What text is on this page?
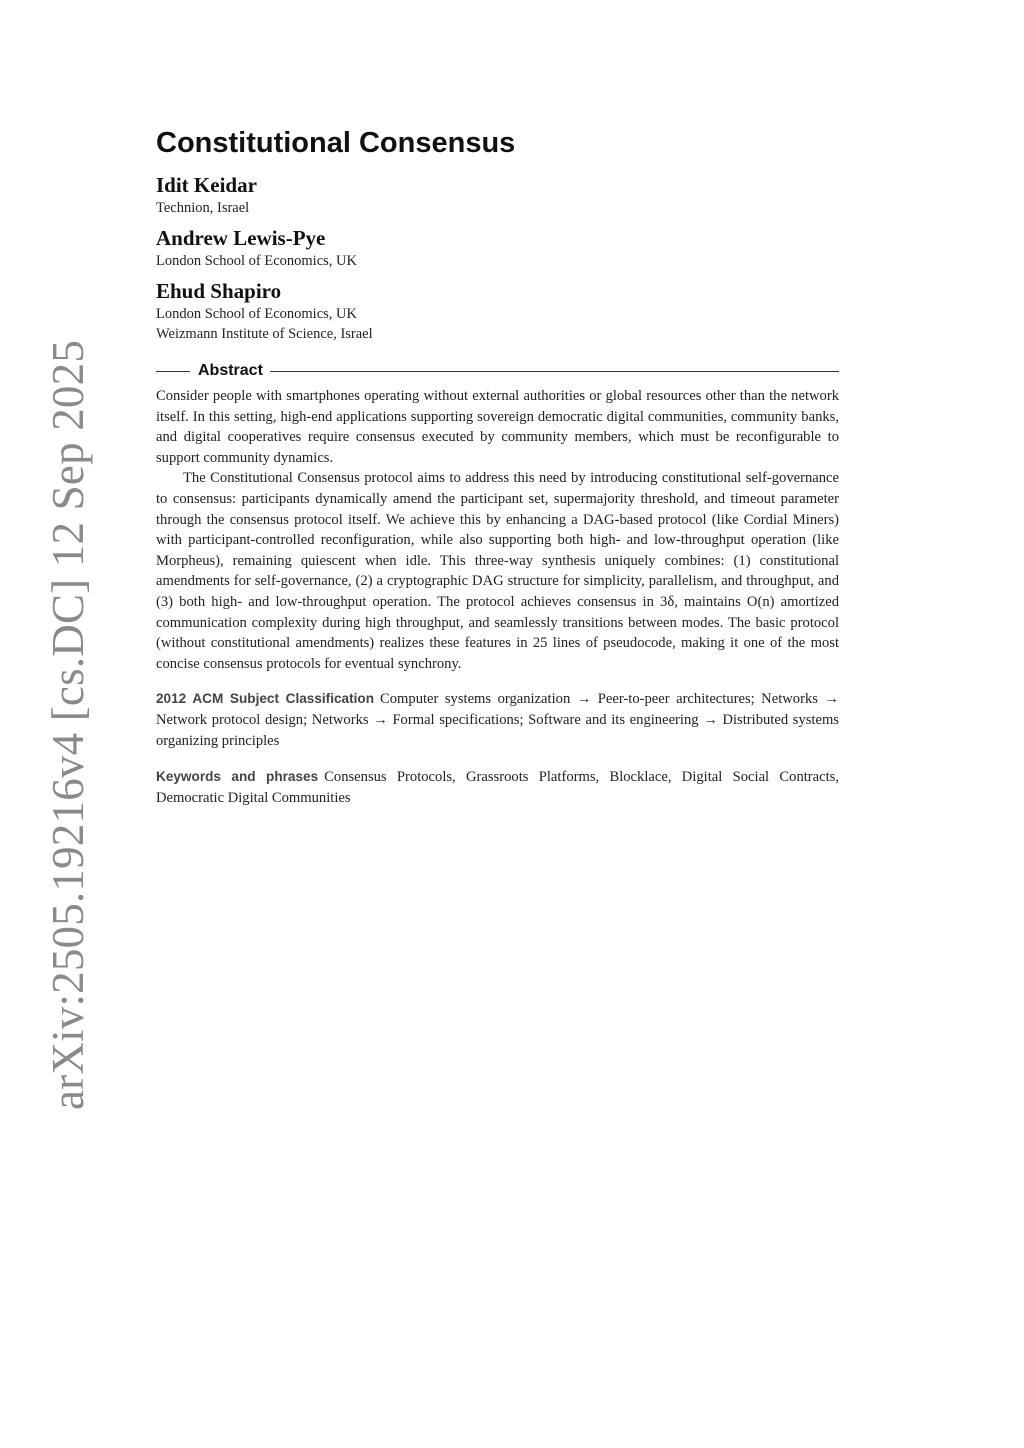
arXiv:2505.19216v4 [cs.DC] 12 Sep 2025
Constitutional Consensus
Idit Keidar
Technion, Israel
Andrew Lewis-Pye
London School of Economics, UK
Ehud Shapiro
London School of Economics, UK
Weizmann Institute of Science, Israel
Abstract

Consider people with smartphones operating without external authorities or global resources other than the network itself. In this setting, high-end applications supporting sovereign democratic digital communities, community banks, and digital cooperatives require consensus executed by community members, which must be reconfigurable to support community dynamics.

The Constitutional Consensus protocol aims to address this need by introducing constitutional self-governance to consensus: participants dynamically amend the participant set, supermajority threshold, and timeout parameter through the consensus protocol itself. We achieve this by enhancing a DAG-based protocol (like Cordial Miners) with participant-controlled reconfiguration, while also supporting both high- and low-throughput operation (like Morpheus), remaining quiescent when idle. This three-way synthesis uniquely combines: (1) constitutional amendments for self-governance, (2) a cryptographic DAG structure for simplicity, parallelism, and throughput, and (3) both high- and low-throughput operation. The protocol achieves consensus in 3δ, maintains O(n) amortized communication complexity during high throughput, and seamlessly transitions between modes. The basic protocol (without constitutional amendments) realizes these features in 25 lines of pseudocode, making it one of the most concise consensus protocols for eventual synchrony.

2012 ACM Subject Classification Computer systems organization → Peer-to-peer architectures; Networks → Network protocol design; Networks → Formal specifications; Software and its engineering → Distributed systems organizing principles
Keywords and phrases Consensus Protocols, Grassroots Platforms, Blocklace, Digital Social Contracts, Democratic Digital Communities
